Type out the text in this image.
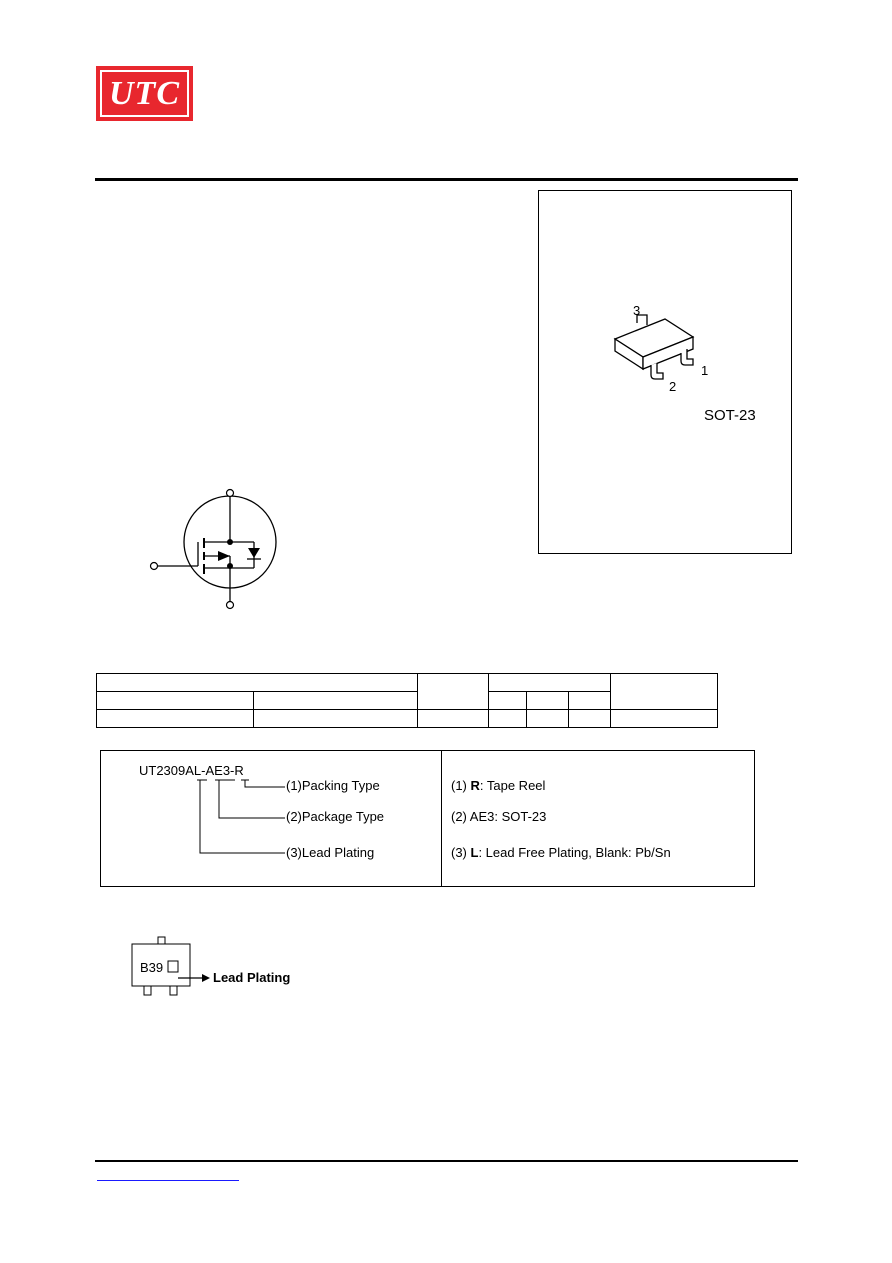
UTC
3
2
1
SOT-23

UT2309AL-AE3-R
(1)Packing Type
(2)Package Type
(3)Lead Plating
(1) R: Tape Reel
(2) AE3: SOT-23
(3) L: Lead Free Plating, Blank: Pb/Sn
B39
Lead Plating
